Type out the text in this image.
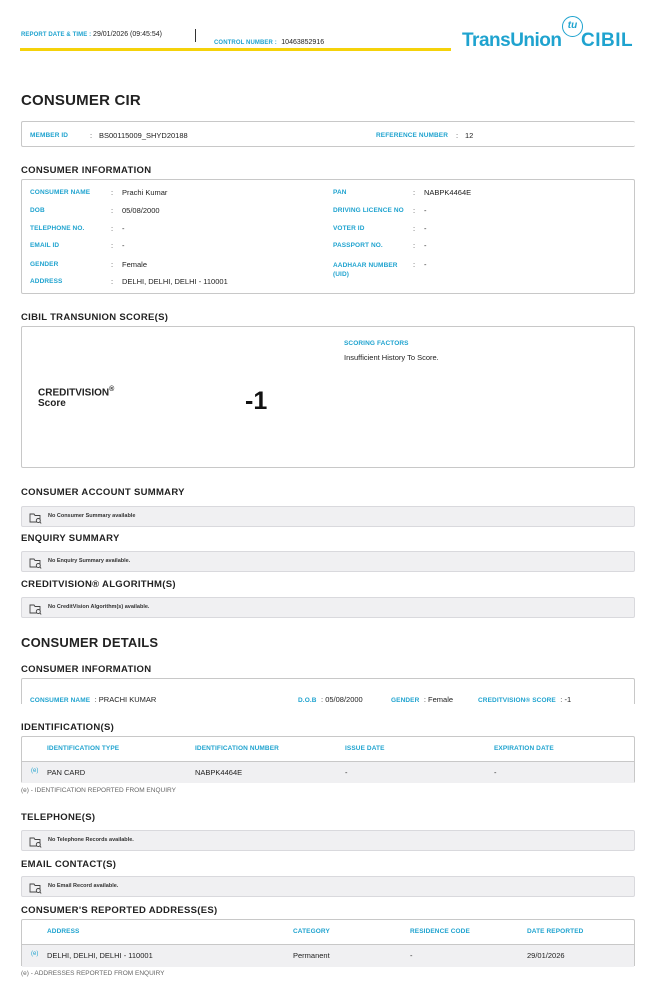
REPORT DATE & TIME : 29/01/2026 (09:45:54)
CONTROL NUMBER : 10463852916	TransUnion
tu
CIBIL
CONSUMER CIR
MEMBER ID	: BS00115009_SHYD20188	REFERENCE NUMBER : 12
CONSUMER INFORMATION
CONSUMER NAME	: Prachi Kumar
DOB	: 05/08/2000
TELEPHONE NO.	: -
EMAIL ID	: -
GENDER	: Female
ADDRESS	: DELHI, DELHI, DELHI - 110001
PAN	: NABPK4464E
DRIVING LICENCE NO : -
VOTER ID	: -
PASSPORT NO.	: -
AADHAAR NUMBER (UID)
: -
CIBIL TRANSUNION SCORE(S)
CREDITVISION®
Score	-1
SCORING FACTORS
Insufficient History To Score.
CONSUMER ACCOUNT SUMMARY
No Consumer Summary available
ENQUIRY SUMMARY
No Enquiry Summary available.
CREDITVISION® ALGORITHM(S)
No CreditVision Algorithm(s) available.
CONSUMER DETAILS
CONSUMER INFORMATION
CONSUMER NAME : PRACHI KUMAR	D.O.B : 05/08/2000	GENDER : Female	CREDITVISION® SCORE : -1
IDENTIFICATION(S)
IDENTIFICATION TYPE	IDENTIFICATION NUMBER	ISSUE DATE	EXPIRATION DATE
(e) PAN CARD	NABPK4464E	-	-
(e) - IDENTIFICATION REPORTED FROM ENQUIRY
TELEPHONE(S)
No Telephone Records available.
EMAIL CONTACT(S)
No Email Record available.
CONSUMER'S REPORTED ADDRESS(ES)
ADDRESS	CATEGORY	RESIDENCE CODE	DATE REPORTED
(e) DELHI, DELHI, DELHI - 110001	Permanent	-	29/01/2026
(e) - ADDRESSES REPORTED FROM ENQUIRY
